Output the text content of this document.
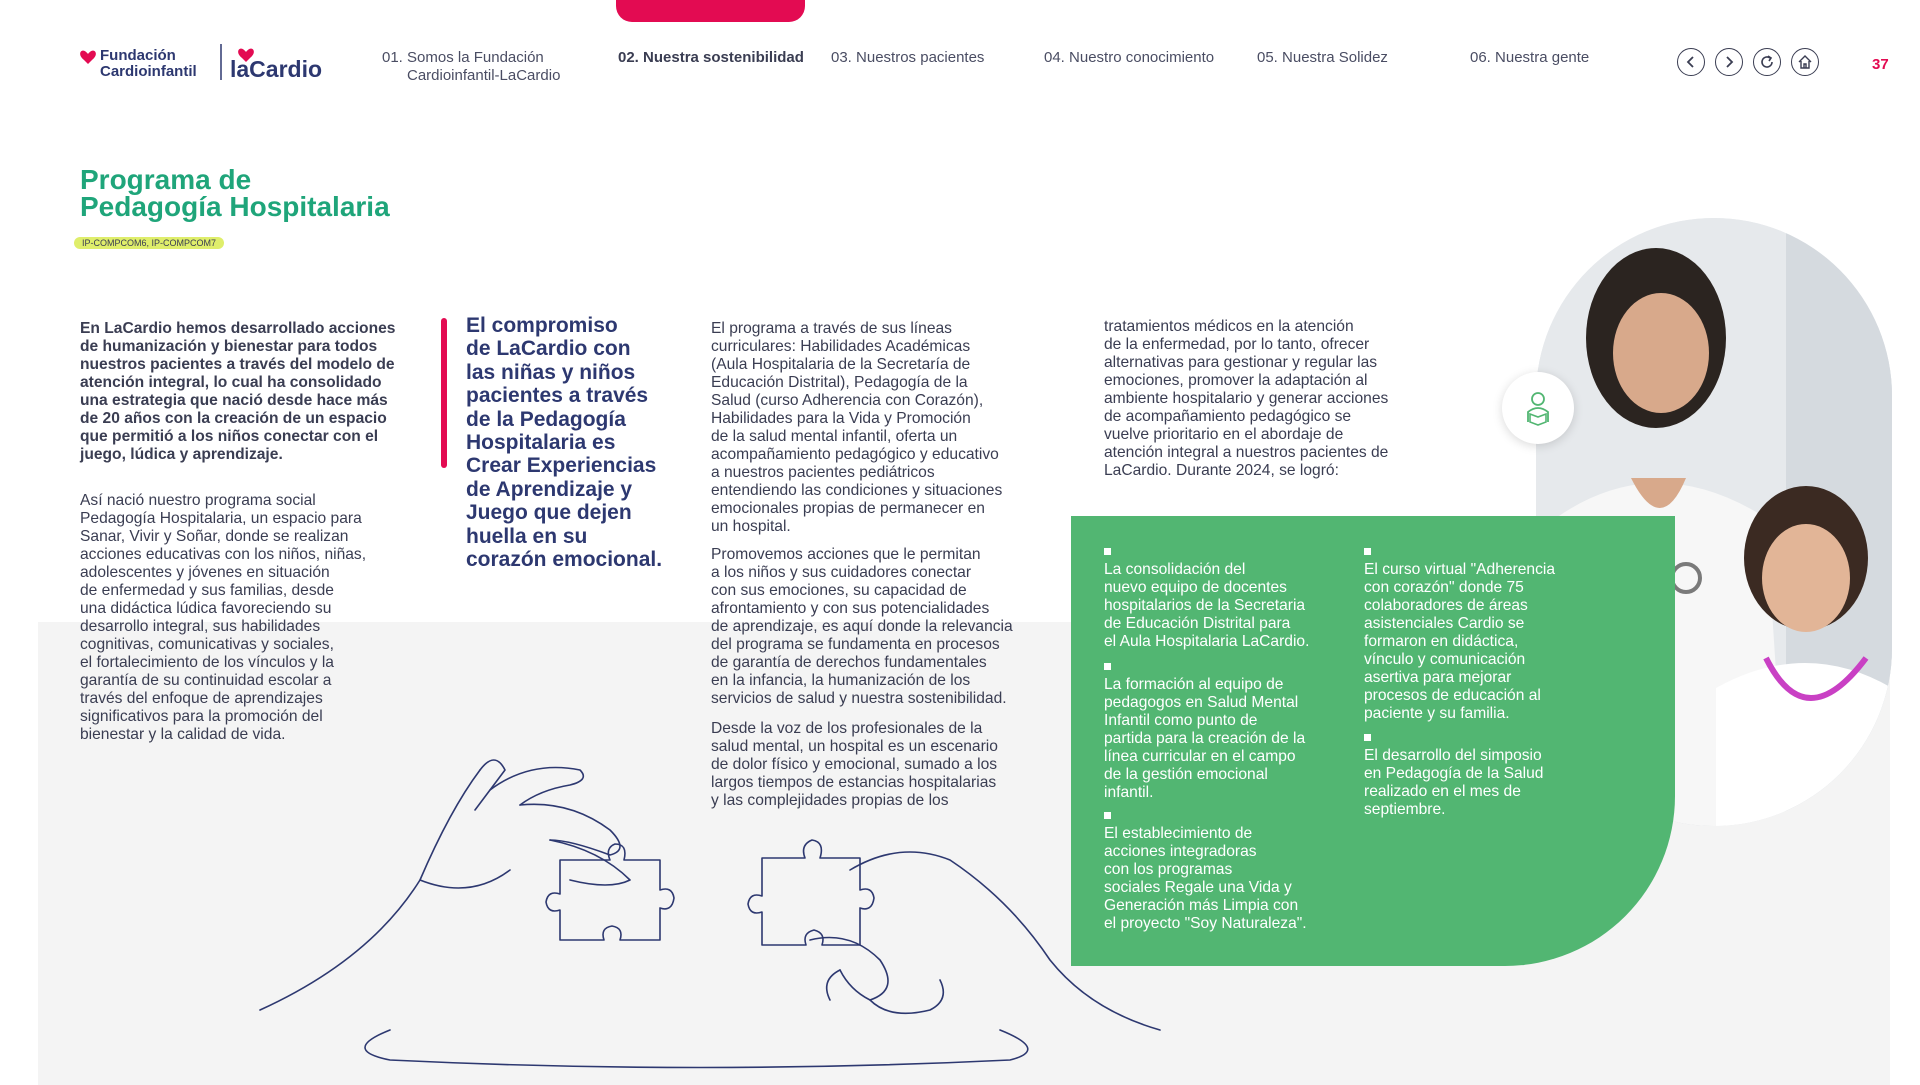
Fundación
Cardioinfantil laCardio	01. Somos la Fundación
Cardioinfantil-LaCardio
02. Nuestra sostenibilidad 03. Nuestros pacientes	04. Nuestro conocimiento	05. Nuestra Solidez	06. Nuestra gente	37
Programa de
Pedagogía Hospitalaria
IP-COMPCOM6, IP-COMPCOM7
En LaCardio hemos desarrollado acciones
de humanización y bienestar para todos
nuestros pacientes a través del modelo de
atención integral, lo cual ha consolidado
una estrategia que nació desde hace más
de 20 años con la creación de un espacio
que permitió a los niños conectar con el
juego, lúdica y aprendizaje.
Así nació nuestro programa social
Pedagogía Hospitalaria, un espacio para
Sanar, Vivir y Soñar, donde se realizan
acciones educativas con los niños, niñas,
adolescentes y jóvenes en situación
de enfermedad y sus familias, desde
una didáctica lúdica favoreciendo su
desarrollo integral, sus habilidades
cognitivas, comunicativas y sociales,
el fortalecimiento de los vínculos y la
garantía de su continuidad escolar a
través del enfoque de aprendizajes
significativos para la promoción del
bienestar y la calidad de vida.
El compromiso
de LaCardio con
las niñas y niños
pacientes a través
de la Pedagogía
Hospitalaria es
Crear Experiencias
de Aprendizaje y
Juego que dejen
huella en su
corazón emocional.
El programa a través de sus líneas
curriculares: Habilidades Académicas
(Aula Hospitalaria de la Secretaría de
Educación Distrital), Pedagogía de la
Salud (curso Adherencia con Corazón),
Habilidades para la Vida y Promoción
de la salud mental infantil, oferta un
acompañamiento pedagógico y educativo
a nuestros pacientes pediátricos
entendiendo las condiciones y situaciones
emocionales propias de permanecer en
un hospital.
Promovemos acciones que le permitan
a los niños y sus cuidadores conectar
con sus emociones, su capacidad de
afrontamiento y con sus potencialidades
de aprendizaje, es aquí donde la relevancia
del programa se fundamenta en procesos
de garantía de derechos fundamentales
en la infancia, la humanización de los
servicios de salud y nuestra sostenibilidad.
Desde la voz de los profesionales de la
salud mental, un hospital es un escenario
de dolor físico y emocional, sumado a los
largos tiempos de estancias hospitalarias
y las complejidades propias de los
tratamientos médicos en la atención
de la enfermedad, por lo tanto, ofrecer
alternativas para gestionar y regular las
emociones, promover la adaptación al
ambiente hospitalario y generar acciones
de acompañamiento pedagógico se
vuelve prioritario en el abordaje de
atención integral a nuestros pacientes de
LaCardio. Durante 2024, se logró:
La consolidación del
nuevo equipo de docentes
hospitalarios de la Secretaria
de Educación Distrital para
el Aula Hospitalaria LaCardio.
La formación al equipo de
pedagogos en Salud Mental
Infantil como punto de
partida para la creación de la
línea curricular en el campo
de la gestión emocional
infantil.
El establecimiento de
acciones integradoras
con los programas
sociales Regale una Vida y
Generación más Limpia con
el proyecto "Soy Naturaleza".
El curso virtual "Adherencia
con corazón" donde 75
colaboradores de áreas
asistenciales Cardio se
formaron en didáctica,
vínculo y comunicación
asertiva para mejorar
procesos de educación al
paciente y su familia.
El desarrollo del simposio
en Pedagogía de la Salud
realizado en el mes de
septiembre.
